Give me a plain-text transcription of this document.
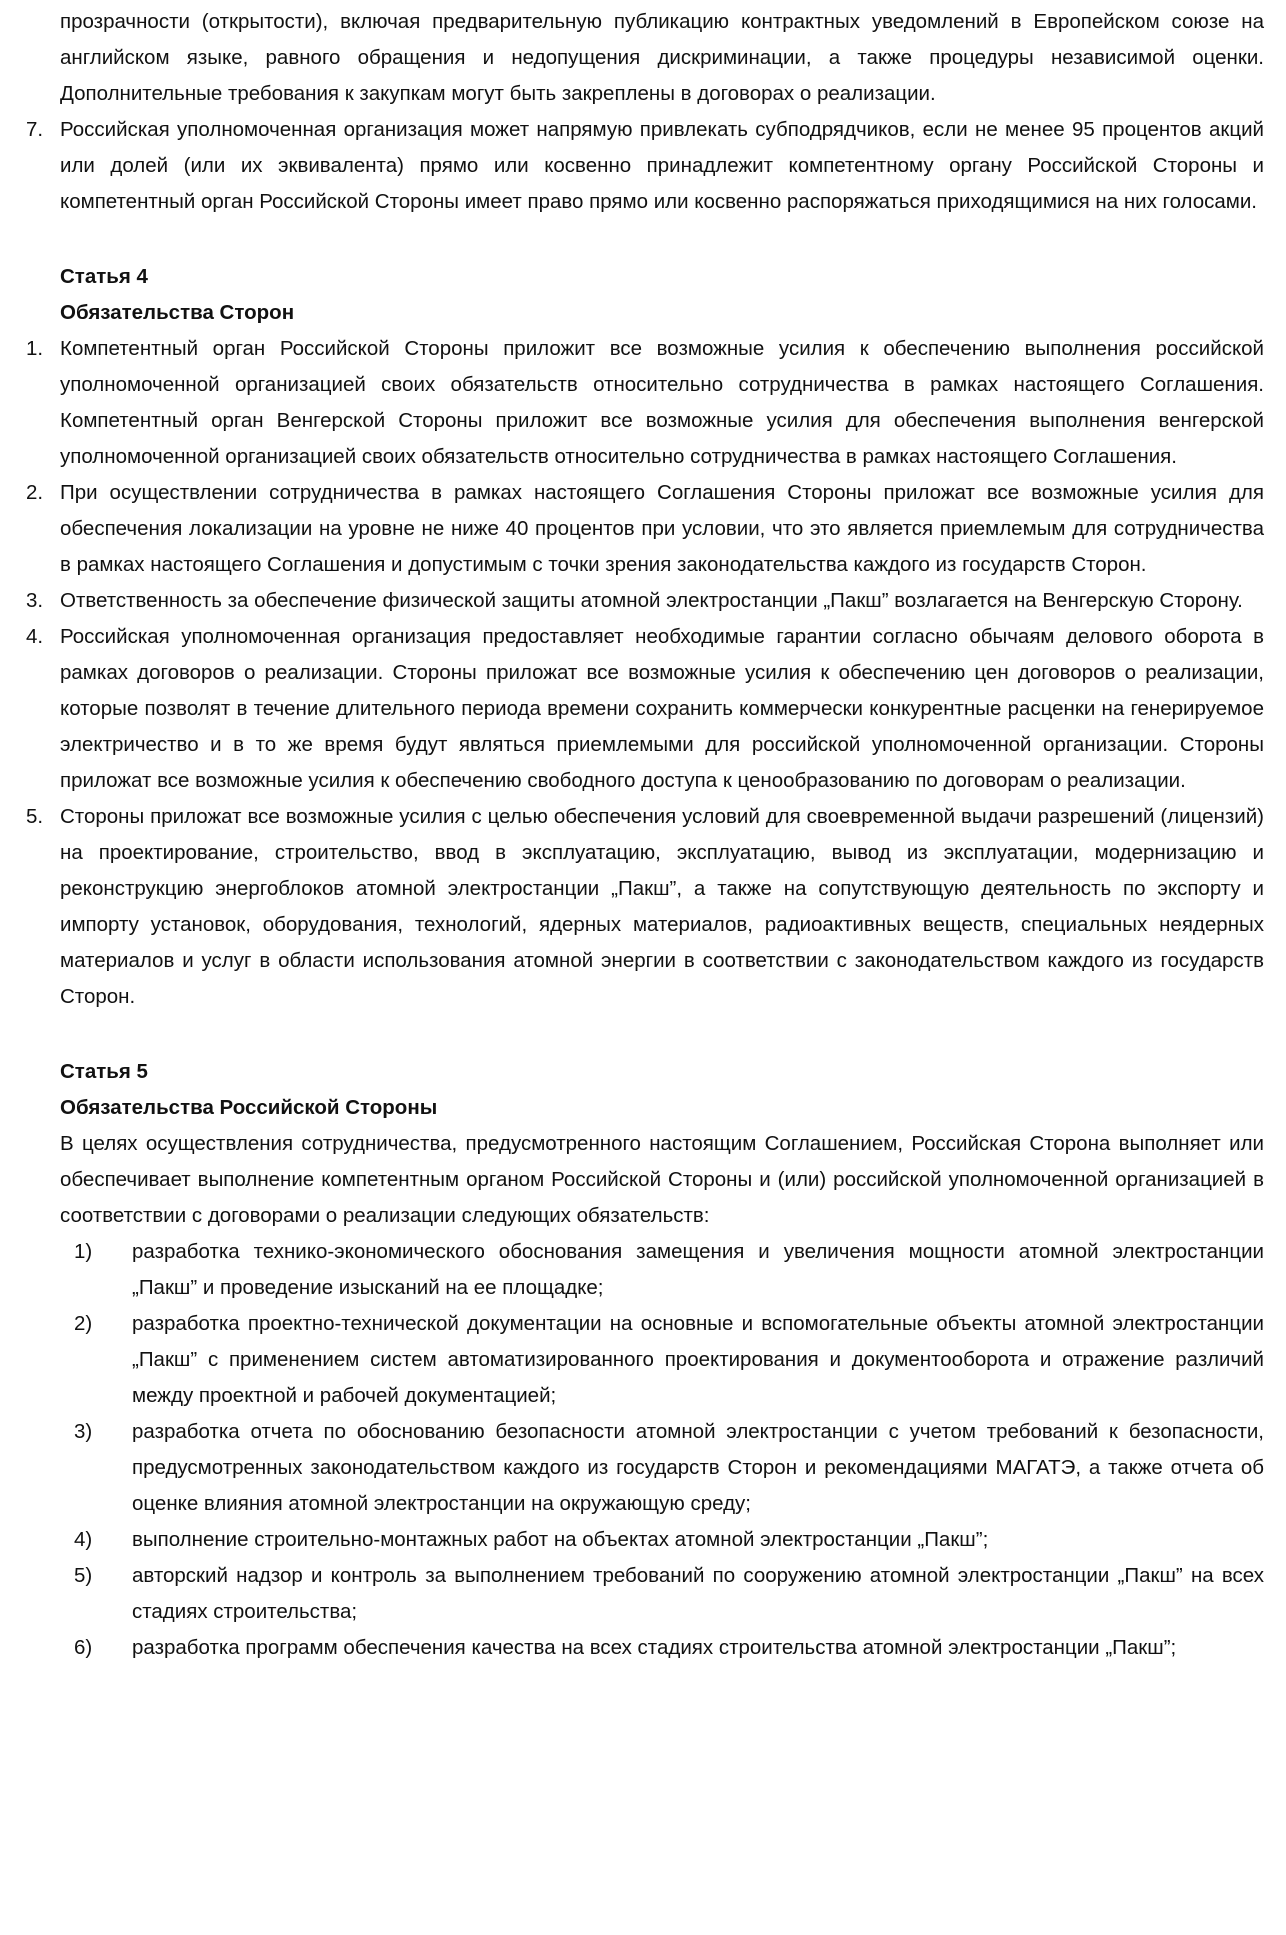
прозрачности (открытости), включая предварительную публикацию контрактных уведомлений в Европейском союзе на английском языке, равного обращения и недопущения дискриминации, а также процедуры независимой оценки. Дополнительные требования к закупкам могут быть закреплены в договорах о реализации.

7. Российская уполномоченная организация может напрямую привлекать субподрядчиков, если не менее 95 процентов акций или долей (или их эквивалента) прямо или косвенно принадлежит компетентному органу Российской Стороны и компетентный орган Российской Стороны имеет право прямо или косвенно распоряжаться приходящимися на них голосами.
Статья 4
Обязательства Сторон
1. Компетентный орган Российской Стороны приложит все возможные усилия к обеспечению выполнения российской уполномоченной организацией своих обязательств относительно сотрудничества в рамках настоящего Соглашения. Компетентный орган Венгерской Стороны приложит все возможные усилия для обеспечения выполнения венгерской уполномоченной организацией своих обязательств относительно сотрудничества в рамках настоящего Соглашения.
2. При осуществлении сотрудничества в рамках настоящего Соглашения Стороны приложат все возможные усилия для обеспечения локализации на уровне не ниже 40 процентов при условии, что это является приемлемым для сотрудничества в рамках настоящего Соглашения и допустимым с точки зрения законодательства каждого из государств Сторон.
3. Ответственность за обеспечение физической защиты атомной электростанции „Пакш” возлагается на Венгерскую Сторону.
4. Российская уполномоченная организация предоставляет необходимые гарантии согласно обычаям делового оборота в рамках договоров о реализации. Стороны приложат все возможные усилия к обеспечению цен договоров о реализации, которые позволят в течение длительного периода времени сохранить коммерчески конкурентные расценки на генерируемое электричество и в то же время будут являться приемлемыми для российской уполномоченной организации. Стороны приложат все возможные усилия к обеспечению свободного доступа к ценообразованию по договорам о реализации.
5. Стороны приложат все возможные усилия с целью обеспечения условий для своевременной выдачи разрешений (лицензий) на проектирование, строительство, ввод в эксплуатацию, эксплуатацию, вывод из эксплуатации, модернизацию и реконструкцию энергоблоков атомной электростанции „Пакш”, а также на сопутствующую деятельность по экспорту и импорту установок, оборудования, технологий, ядерных материалов, радиоактивных веществ, специальных неядерных материалов и услуг в области использования атомной энергии в соответствии с законодательством каждого из государств Сторон.
Статья 5
Обязательства Российской Стороны

В целях осуществления сотрудничества, предусмотренного настоящим Соглашением, Российская Сторона выполняет или обеспечивает выполнение компетентным органом Российской Стороны и (или) российской уполномоченной организацией в соответствии с договорами о реализации следующих обязательств:

1) разработка технико-экономического обоснования замещения и увеличения мощности атомной электростанции „Пакш” и проведение изысканий на ее площадке;
2) разработка проектно-технической документации на основные и вспомогательные объекты атомной электростанции „Пакш” с применением систем автоматизированного проектирования и документооборота и отражение различий между проектной и рабочей документацией;
3) разработка отчета по обоснованию безопасности атомной электростанции с учетом требований к безопасности, предусмотренных законодательством каждого из государств Сторон и рекомендациями МАГАТЭ, а также отчета об оценке влияния атомной электростанции на окружающую среду;
4) выполнение строительно-монтажных работ на объектах атомной электростанции „Пакш”;
5) авторский надзор и контроль за выполнением требований по сооружению атомной электростанции „Пакш” на всех стадиях строительства;
6) разработка программ обеспечения качества на всех стадиях строительства атомной электростанции „Пакш”;
